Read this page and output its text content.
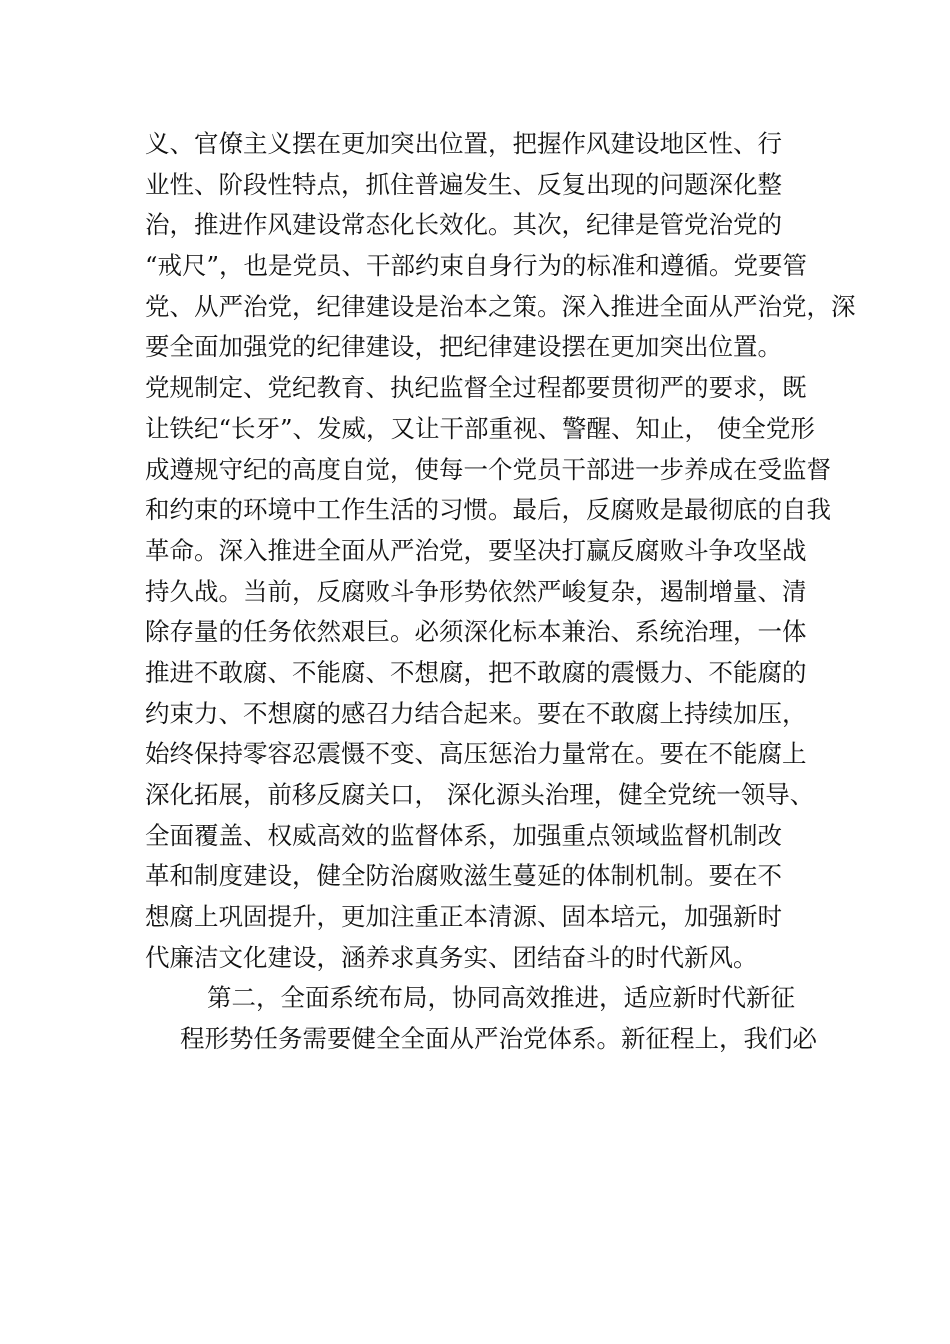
义、官僚主义摆在更加突出位置，把握作风建设地区性、行
业性、阶段性特点，抓住普遍发生、反复出现的问题深化整
治，推进作风建设常态化长效化。其次，纪律是管党治党的
“戒尺”，也是党员、干部约束自身行为的标准和遵循。党要管
党、从严治党，纪律建设是治本之策。深入推进全面从严治党，深
要全面加强党的纪律建设，把纪律建设摆在更加突出位置。
党规制定、党纪教育、执纪监督全过程都要贯彻严的要求，既
让铁纪“长牙”、发威，又让干部重视、警醒、知止， 使全党形
成遵规守纪的高度自觉，使每一个党员干部进一步养成在受监督
和约束的环境中工作生活的习惯。最后，反腐败是最彻底的自我
革命。深入推进全面从严治党，要坚决打赢反腐败斗争攻坚战
持久战。当前，反腐败斗争形势依然严峻复杂，遏制增量、清
除存量的任务依然艰巨。必须深化标本兼治、系统治理，一体
推进不敢腐、不能腐、不想腐，把不敢腐的震慑力、不能腐的
约束力、不想腐的感召力结合起来。要在不敢腐上持续加压，
始终保持零容忍震慑不变、高压惩治力量常在。要在不能腐上
深化拓展，前移反腐关口， 深化源头治理，健全党统一领导、
全面覆盖、权威高效的监督体系，加强重点领域监督机制改
革和制度建设，健全防治腐败滋生蔓延的体制机制。要在不
想腐上巩固提升，更加注重正本清源、固本培元，加强新时
代廉洁文化建设，涵养求真务实、团结奋斗的时代新风。
第二，全面系统布局，协同高效推进，适应新时代新征
程形势任务需要健全全面从严治党体系。新征程上，我们必
